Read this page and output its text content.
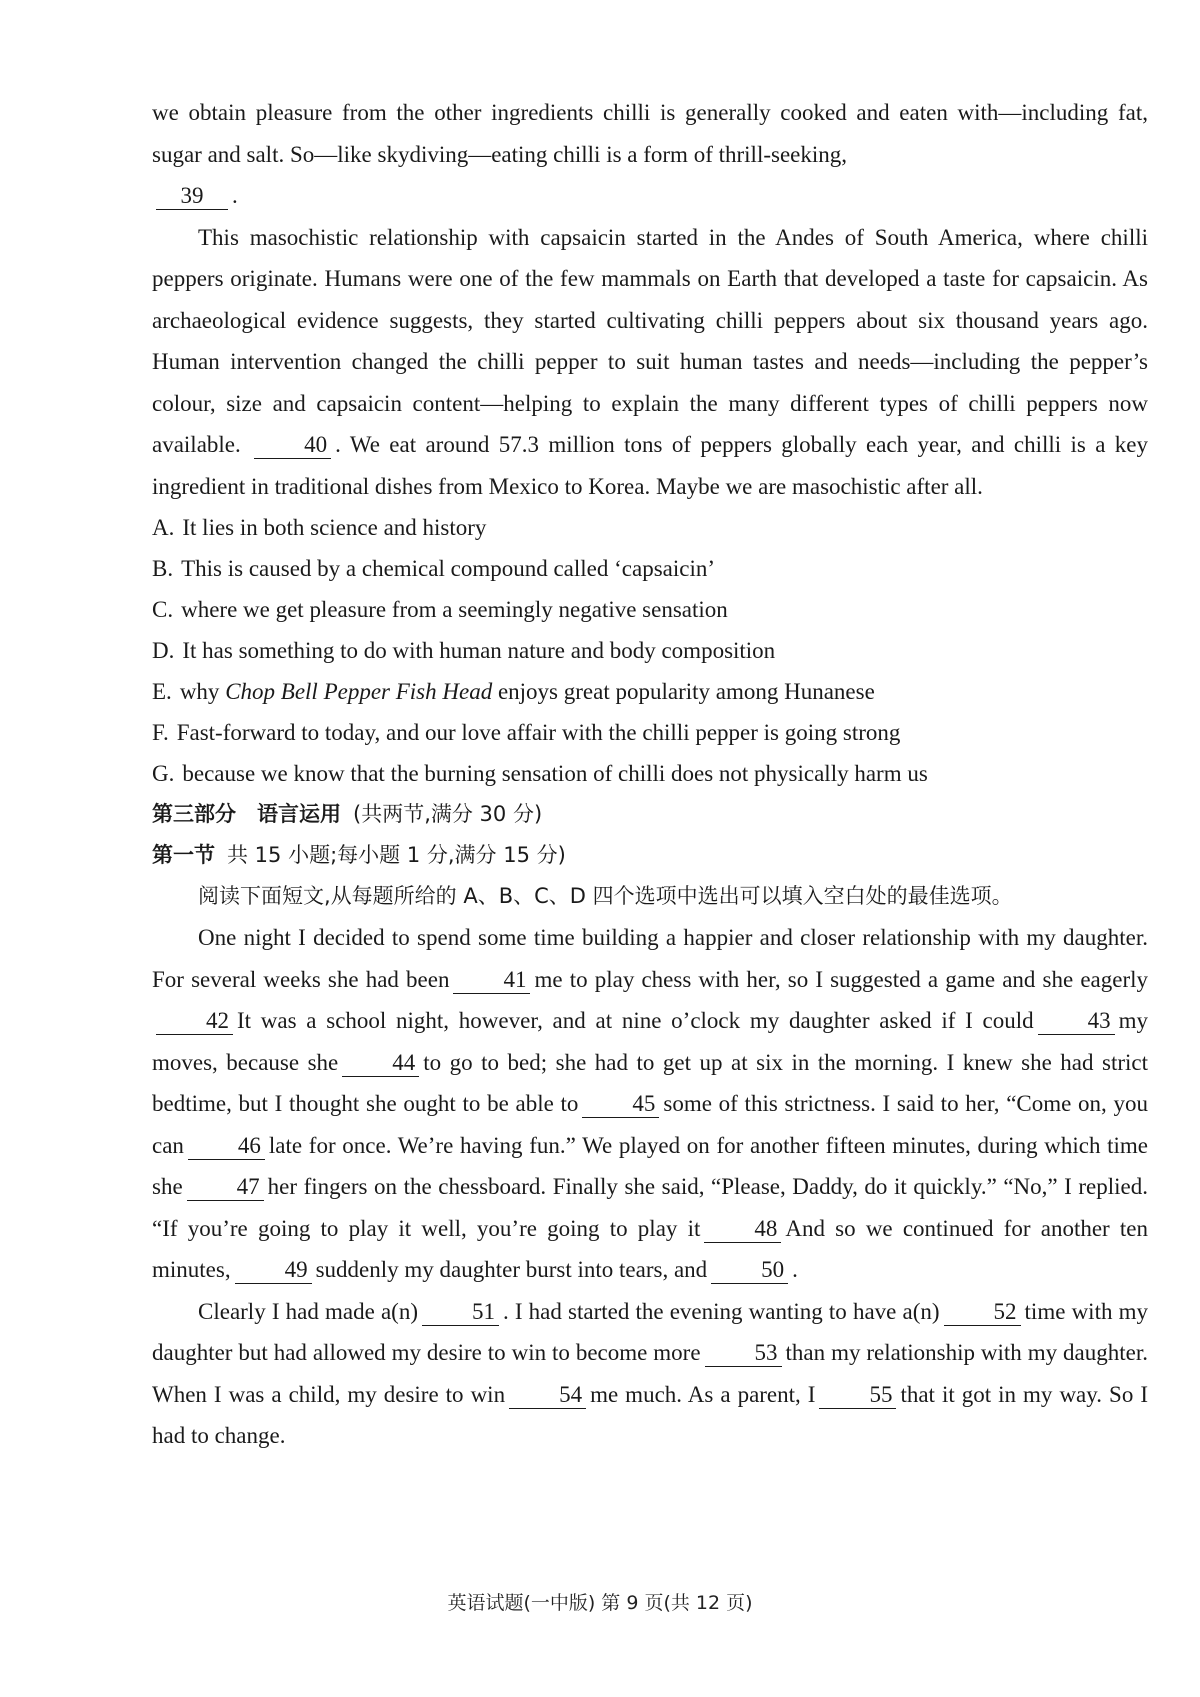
we obtain pleasure from the other ingredients chilli is generally cooked and eaten with—including fat, sugar and salt. So—like skydiving—eating chilli is a form of thrill-seeking,
39 .

This masochistic relationship with capsaicin started in the Andes of South America, where chilli peppers originate. Humans were one of the few mammals on Earth that developed a taste for capsaicin. As archaeological evidence suggests, they started cultivating chilli peppers about six thousand years ago. Human intervention changed the chilli pepper to suit human tastes and needs—including the pepper’s colour, size and capsaicin content—helping to explain the many different types of chilli peppers now available.	40 . We eat around 57.3 million tons of peppers globally each year, and chilli is a key ingredient in traditional dishes from Mexico to Korea. Maybe we are masochistic after all.

A. It lies in both science and history

B. This is caused by a chemical compound called ‘capsaicin’

C. where we get pleasure from a seemingly negative sensation

D. It has something to do with human nature and body composition

E. why Chop Bell Pepper Fish Head enjoys great popularity among Hunanese

F. Fast-forward to today, and our love affair with the chilli pepper is going strong

G. because we know that the burning sensation of chilli does not physically harm us

第三部分　语言运用 (共两节,满分 30 分)

第一节 共 15 小题;每小题 1 分,满分 15 分)

阅读下面短文,从每题所给的 A、B、C、D 四个选项中选出可以填入空白处的最佳选项。

One night I decided to spend some time building a happier and closer relationship with my daughter. For several weeks she had been 41 me to play chess with her, so I suggested a game and she eagerly42 It was a school night, however, and at nine o’clock my daughter asked if I could 43 my moves, because she 44 to go to bed; she had to get up at six in the morning. I knew she had strict bedtime, but I thought she ought to be able to 45 some of this strictness. I said to her, “Come on, you can 46 late for once. We’re having fun.” We played on for another fifteen minutes, during which time she 47 her fingers on the chessboard. Finally she said, “Please, Daddy, do it quickly.” “No,” I replied. “If you’re going to play it well, you’re going to play it 48 And so we continued for another ten minutes, 49 suddenly my daughter burst into tears, and 50 .

Clearly I had made a(n) 51 . I had started the evening wanting to have a(n) 52 time with my daughter but had allowed my desire to win to become more 53 than my relationship with my daughter. When I was a child, my desire to win 54 me much. As a parent, I 55 that it got in my way. So I had to change.

英语试题(一中版) 第 9 页(共 12 页)
